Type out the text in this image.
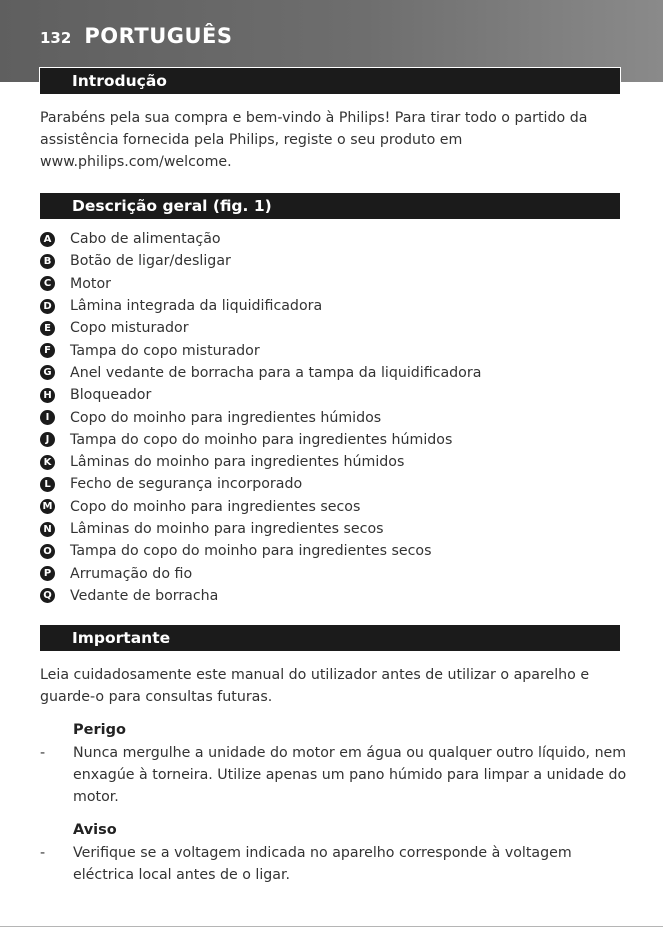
132 PORTUGUÊS
Introdução

Parabéns pela sua compra e bem-vindo à Philips! Para tirar todo o partido da assistência fornecida pela Philips, registe o seu produto em www.philips.com/welcome.

Descrição geral (fig. 1)
A Cabo de alimentação
B Botão de ligar/desligar
C Motor
D Lâmina integrada da liquidificadora
E Copo misturador
F Tampa do copo misturador
G Anel vedante de borracha para a tampa da liquidificadora
H Bloqueador
I	Copo do moinho para ingredientes húmidos
J	Tampa do copo do moinho para ingredientes húmidos
K Lâminas do moinho para ingredientes húmidos
L	Fecho de segurança incorporado
M Copo do moinho para ingredientes secos
N Lâminas do moinho para ingredientes secos
O Tampa do copo do moinho para ingredientes secos
P Arrumação do fio
Q Vedante de borracha
Importante

Leia cuidadosamente este manual do utilizador antes de utilizar o aparelho e guarde-o para consultas futuras.

Perigo
- Nunca mergulhe a unidade do motor em água ou qualquer outro líquido, nem enxagúe à torneira. Utilize apenas um pano húmido para limpar a unidade do motor.
Aviso
- Verifique se a voltagem indicada no aparelho corresponde à voltagem eléctrica local antes de o ligar.
